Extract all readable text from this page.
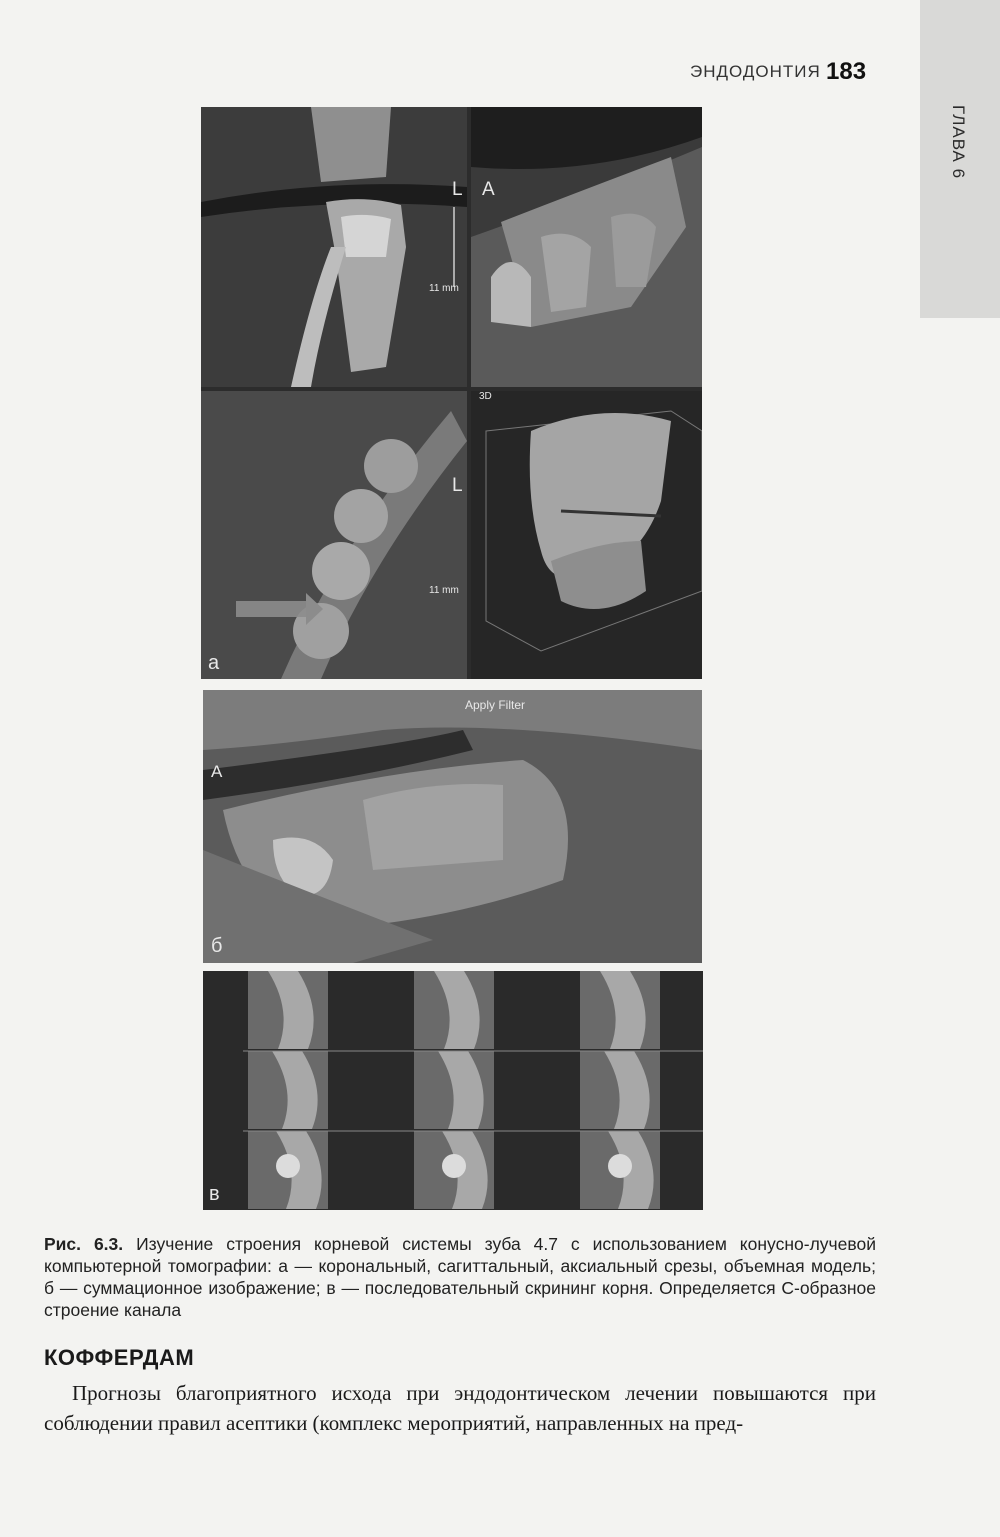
ГЛАВА 6
ЭНДОДОНТИЯ 183
L
11 mm
A
L
11 mm
а
3D
Apply Filter
A
б
в
Рис. 6.3. Изучение строения корневой системы зуба 4.7 с использованием конусно-лучевой компьютерной томографии: а — корональный, сагиттальный, аксиальный срезы, объемная модель; б — суммационное изображение; в — последовательный скрининг корня. Определяется С-образное строение канала
КОФФЕРДАМ
Прогнозы благоприятного исхода при эндодонтическом лечении повышаются при соблюдении правил асептики (комплекс мероприятий, направленных на пред-
